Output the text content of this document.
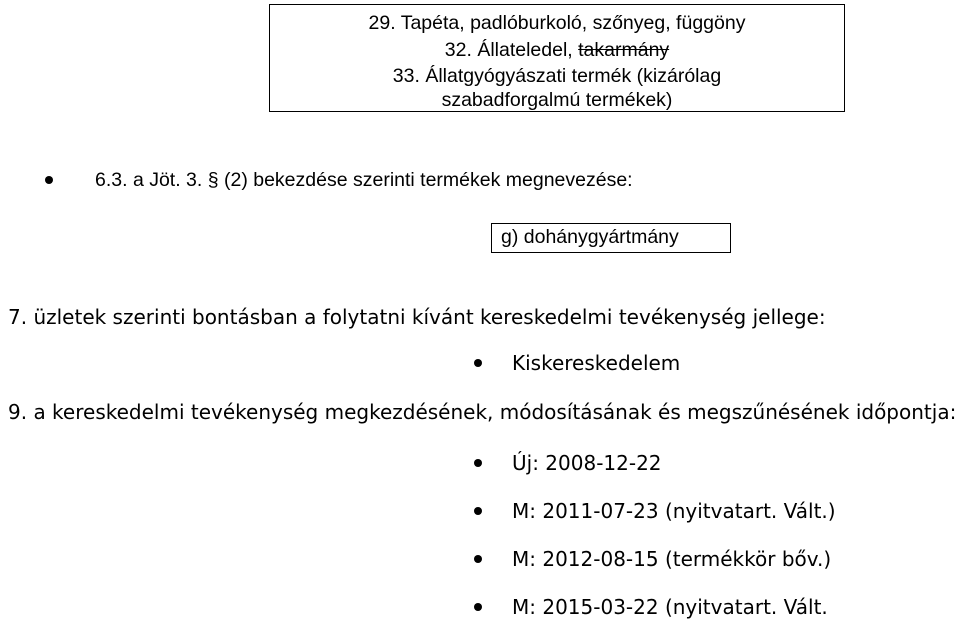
29. Tapéta, padlóburkoló, szőnyeg, függöny
32. Állateledel, takarmány
33. Állatgyógyászati termék (kizárólag
szabadforgalmú termékek)
6.3. a Jöt. 3. § (2) bekezdése szerinti termékek megnevezése:
g) dohánygyártmány
7. üzletek szerinti bontásban a folytatni kívánt kereskedelmi tevékenység jellege:
Kiskereskedelem
9. a kereskedelmi tevékenység megkezdésének, módosításának és megszűnésének időpontja:
Új: 2008-12-22
M: 2011-07-23 (nyitvatart. Vált.)
M: 2012-08-15 (termékkör bőv.)
M: 2015-03-22 (nyitvatart. Vált.
